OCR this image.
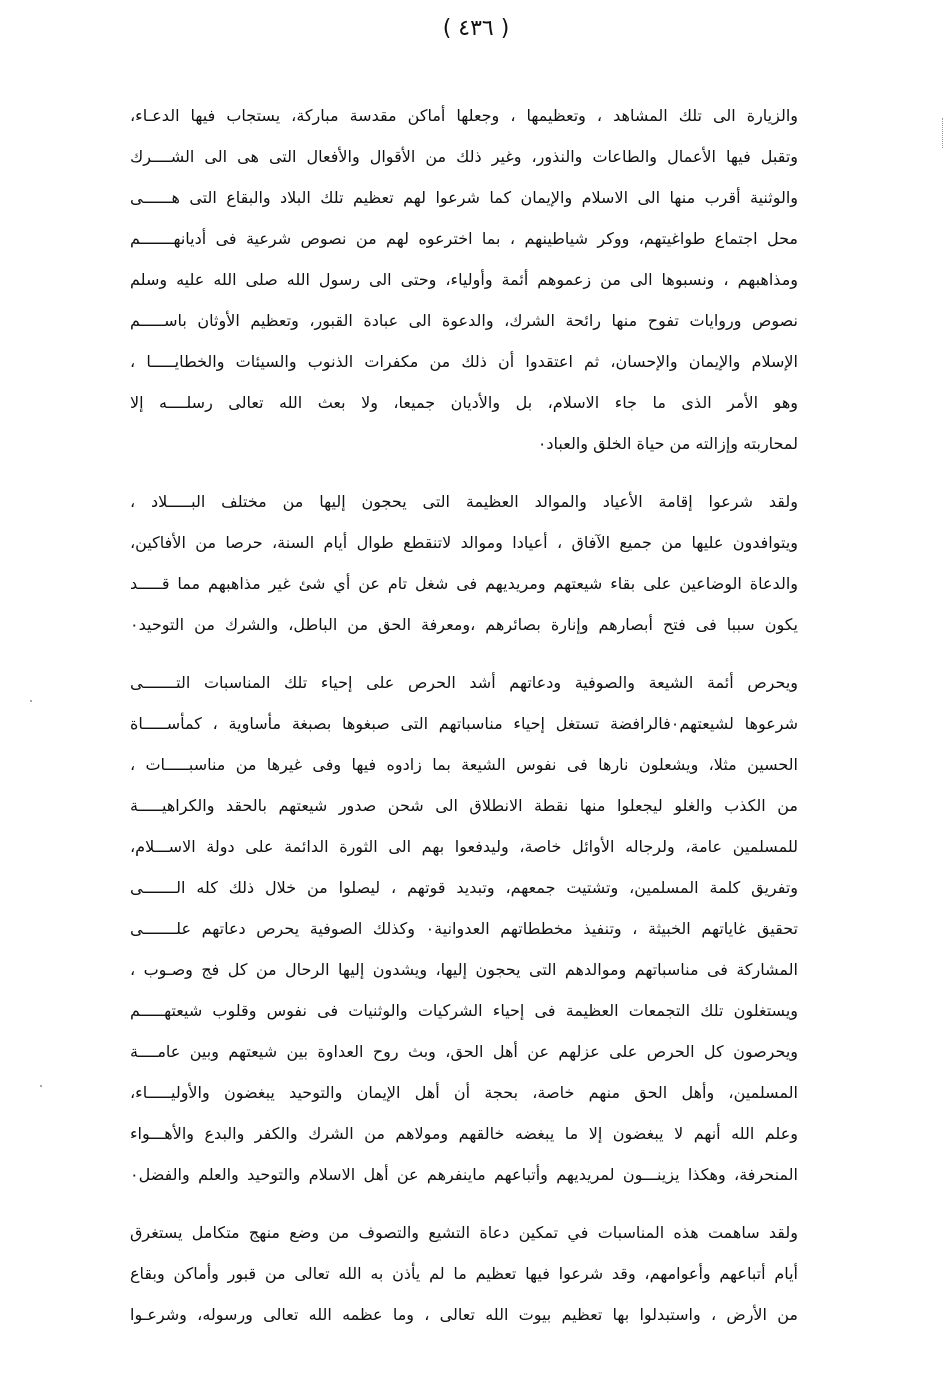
( ٤٣٦ )
والزيارة الى تلك المشاهد ، وتعظيمها ، وجعلها أماكن مقدسة مباركة، يستجاب فيها الدعـاء،
وتقبل فيها الأعمال والطاعات والنذور، وغير ذلك من الأقوال والأفعال التى هى الى الشــــرك
والوثنية أقرب منها الى الاسلام والإيمان كما شرعوا لهم تعظيم تلك البلاد والبقاع التى هــــــى
محل اجتماع طواغيتهم، ووكر شياطينهم ، بما اخترعوه لهم من نصوص شرعية فى أديانهـــــــم
ومذاهبهم ، ونسبوها الى من زعموهم أئمة وأولياء، وحتى الى رسول الله صلى الله عليه وسلم
نصوص وروايات تفوح منها رائحة الشرك، والدعوة الى عبادة القبور، وتعظيم الأوثان باســـــم
الإسلام والإيمان والإحسان، ثم اعتقدوا أن ذلك من مكفرات الذنوب والسيئات والخطايـــــا ،
وهو الأمر الذى ما جاء الاسلام، بل والأديان جميعا، ولا بعث الله تعالى رسلــــه إلا
لمحاربته وإزالته من حياة الخلق والعباد٠
ولقد شرعوا إقامة الأعياد والموالد العظيمة التى يحجون إليها من مختلف البـــــلاد ،
ويتوافدون عليها من جميع الآفاق ، أعيادا وموالد لاتنقطع طوال أيام السنة، حرصا من الأفاكين،
والدعاة الوضاعين على بقاء شيعتهم ومريديهم فى شغل تام عن أي شئ غير مذاهبهم مما قـــــد
يكون سببا فى فتح أبصارهم وإنارة بصائرهم ،ومعرفة الحق من الباطل، والشرك من التوحيد٠
ويحرص أئمة الشيعة والصوفية ودعاتهم أشد الحرص على إحياء تلك المناسبات التـــــــى
شرعوها لشيعتهم٠فالرافضة تستغل إحياء مناسباتهم التى صبغوها بصبغة مأساوية ، كمأســـــاة
الحسين مثلا، ويشعلون نارها فى نفوس الشيعة بما زادوه فيها وفى غيرها من مناسبـــــات ،
من الكذب والغلو ليجعلوا منها نقطة الانطلاق الى شحن صدور شيعتهم بالحقد والكراهيـــــة
للمسلمين عامة، ولرجاله الأوائل خاصة، وليدفعوا بهم الى الثورة الدائمة على دولة الاســـلام،
وتفريق كلمة المسلمين، وتشتيت جمعهم، وتبديد قوتهم ، ليصلوا من خلال ذلك كله الـــــــى
تحقيق غاياتهم الخبيثة ، وتنفيذ مخططاتهم العدوانية٠ وكذلك الصوفية يحرص دعاتهم علـــــــى
المشاركة فى مناسباتهم وموالدهم التى يحجون إليها، ويشدون إليها الرحال من كل فج وصـوب ،
ويستغلون تلك التجمعات العظيمة فى إحياء الشركيات والوثنيات فى نفوس وقلوب شيعتهـــــم
ويحرصون كل الحرص على عزلهم عن أهل الحق، وبث روح العداوة بين شيعتهم وبين عامــــة
المسلمين، وأهل الحق منهم خاصة، بحجة أن أهل الإيمان والتوحيد يبغضون والأوليـــــاء،
وعلم الله أنهم لا يبغضون إلا ما يبغضه خالقهم ومولاهم من الشرك والكفر والبدع والأهـــواء
المنحرفة، وهكذا يزينـــون لمريديهم وأتباعهم ماينفرهم عن أهل الاسلام والتوحيد والعلم والفضل٠
ولقد ساهمت هذه المناسبات في تمكين دعاة التشيع والتصوف من وضع منهج متكامل يستغرق
أيام أتباعهم وأعوامهم، وقد شرعوا فيها تعظيم ما لم يأذن به الله تعالى من قبور وأماكن وبقاع
من الأرض ، واستبدلوا بها تعظيم بيوت الله تعالى ، وما عظمه الله تعالى ورسوله، وشرعـوا
